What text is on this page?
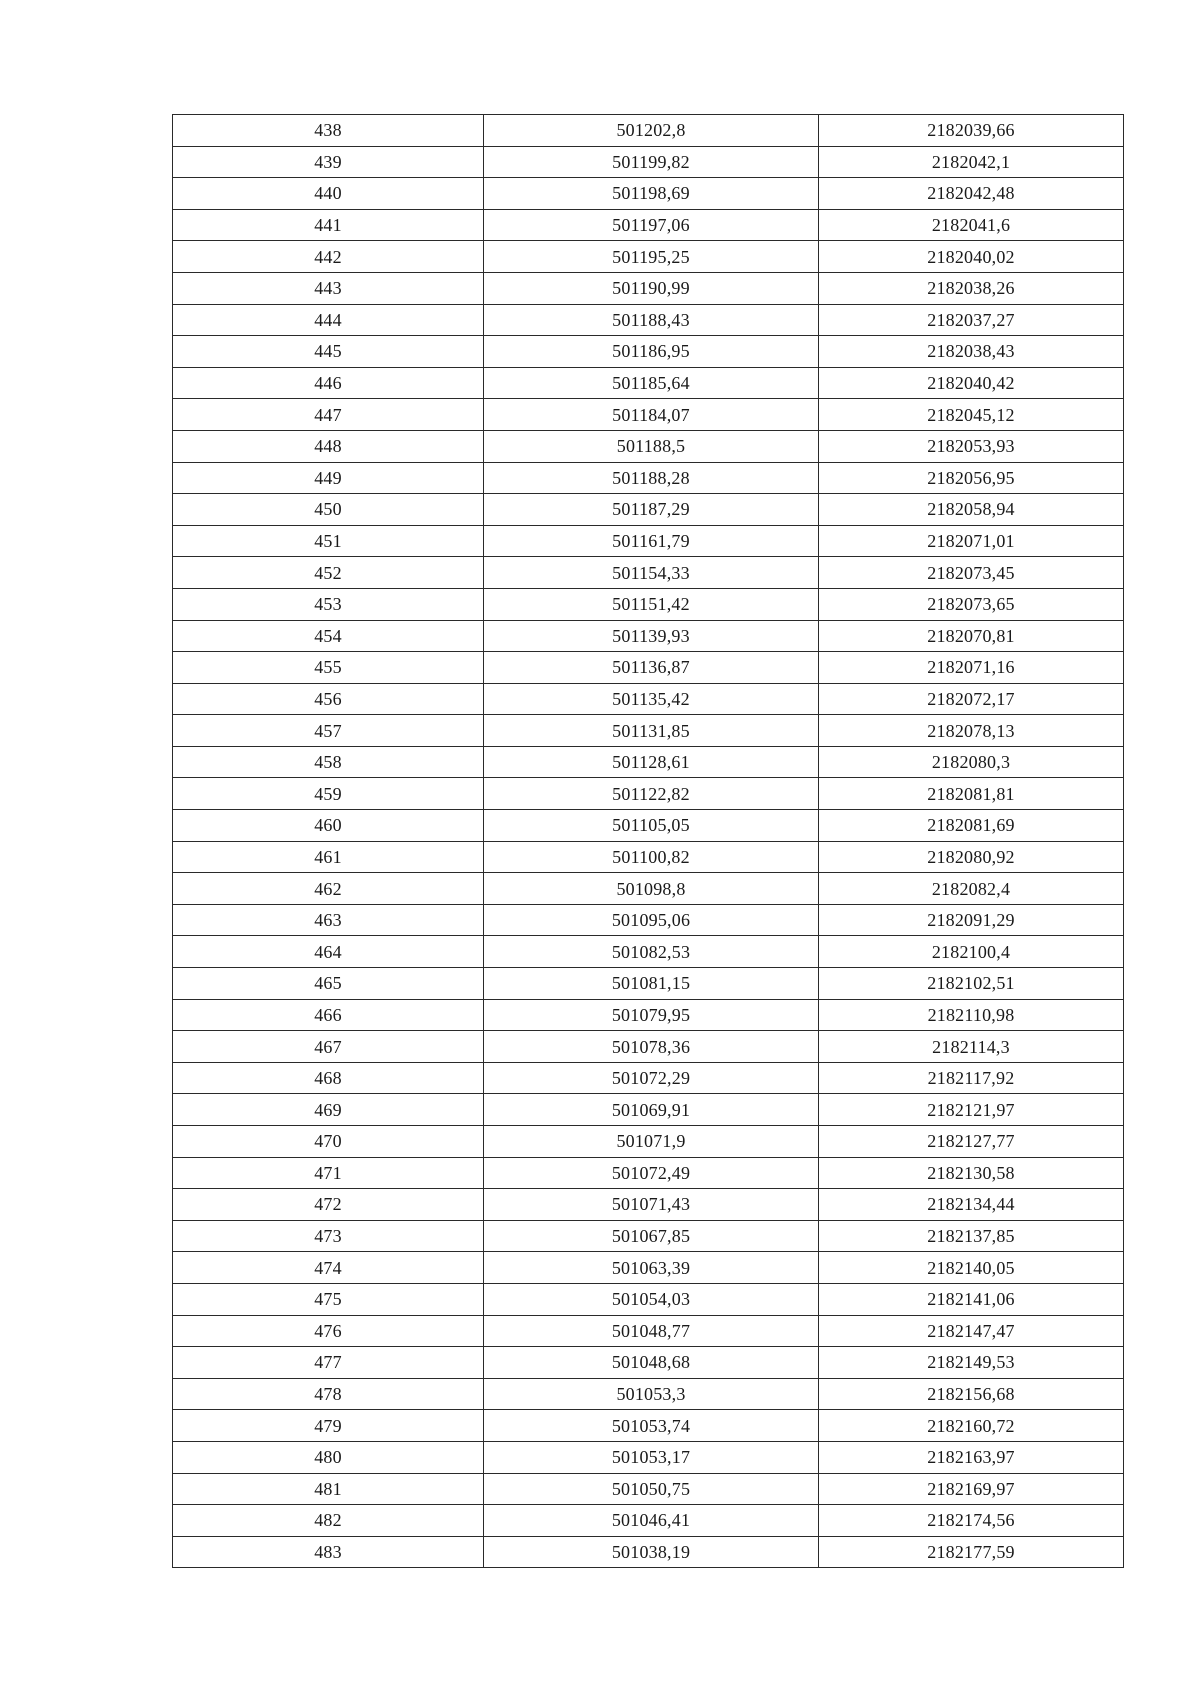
438	501202,8	2182039,66
439	501199,82	2182042,1
440	501198,69	2182042,48
441	501197,06	2182041,6
442	501195,25	2182040,02
443	501190,99	2182038,26
444	501188,43	2182037,27
445	501186,95	2182038,43
446	501185,64	2182040,42
447	501184,07	2182045,12
448	501188,5	2182053,93
449	501188,28	2182056,95
450	501187,29	2182058,94
451	501161,79	2182071,01
452	501154,33	2182073,45
453	501151,42	2182073,65
454	501139,93	2182070,81
455	501136,87	2182071,16
456	501135,42	2182072,17
457	501131,85	2182078,13
458	501128,61	2182080,3
459	501122,82	2182081,81
460	501105,05	2182081,69
461	501100,82	2182080,92
462	501098,8	2182082,4
463	501095,06	2182091,29
464	501082,53	2182100,4
465	501081,15	2182102,51
466	501079,95	2182110,98
467	501078,36	2182114,3
468	501072,29	2182117,92
469	501069,91	2182121,97
470	501071,9	2182127,77
471	501072,49	2182130,58
472	501071,43	2182134,44
473	501067,85	2182137,85
474	501063,39	2182140,05
475	501054,03	2182141,06
476	501048,77	2182147,47
477	501048,68	2182149,53
478	501053,3	2182156,68
479	501053,74	2182160,72
480	501053,17	2182163,97
481	501050,75	2182169,97
482	501046,41	2182174,56
483	501038,19	2182177,59
